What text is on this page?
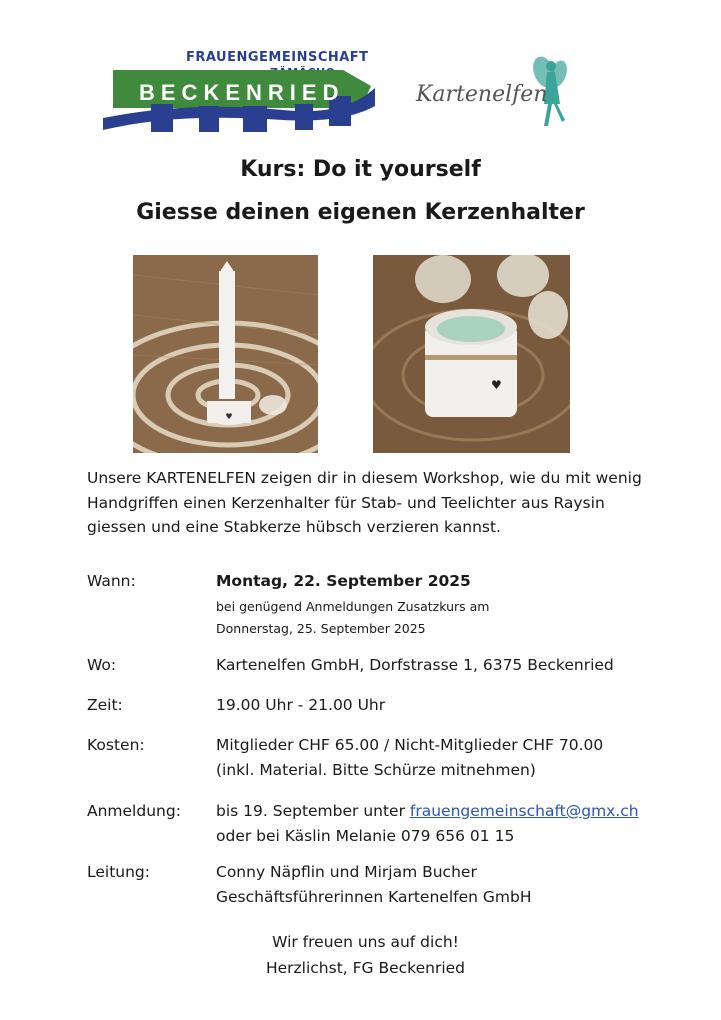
FRAUENGEMEINSCHAFT
BECKENRIED	Kartenelfen
Kurs: Do it yourself
Giesse deinen eigenen Kerzenhalter
♥
♥
Unsere KARTENELFEN zeigen dir in diesem Workshop, wie du mit wenig Handgriffen einen Kerzenhalter für Stab- und Teelichter aus Raysin giessen und eine Stabkerze hübsch verzieren kannst.
Wann:	Montag, 22. September 2025
bei genügend Anmeldungen Zusatzkurs am
Donnerstag, 25. September 2025
Wo:	Kartenelfen GmbH, Dorfstrasse 1, 6375 Beckenried
Zeit:	19.00 Uhr - 21.00 Uhr
Kosten:	Mitglieder CHF 65.00 / Nicht-Mitglieder CHF 70.00
(inkl. Material. Bitte Schürze mitnehmen)
Anmeldung: bis 19. September unter frauengemeinschaft@gmx.ch
oder bei Käslin Melanie 079 656 01 15
Leitung:	Conny Näpflin und Mirjam Bucher
Geschäftsführerinnen Kartenelfen GmbH
Wir freuen uns auf dich!
Herzlichst, FG Beckenried
